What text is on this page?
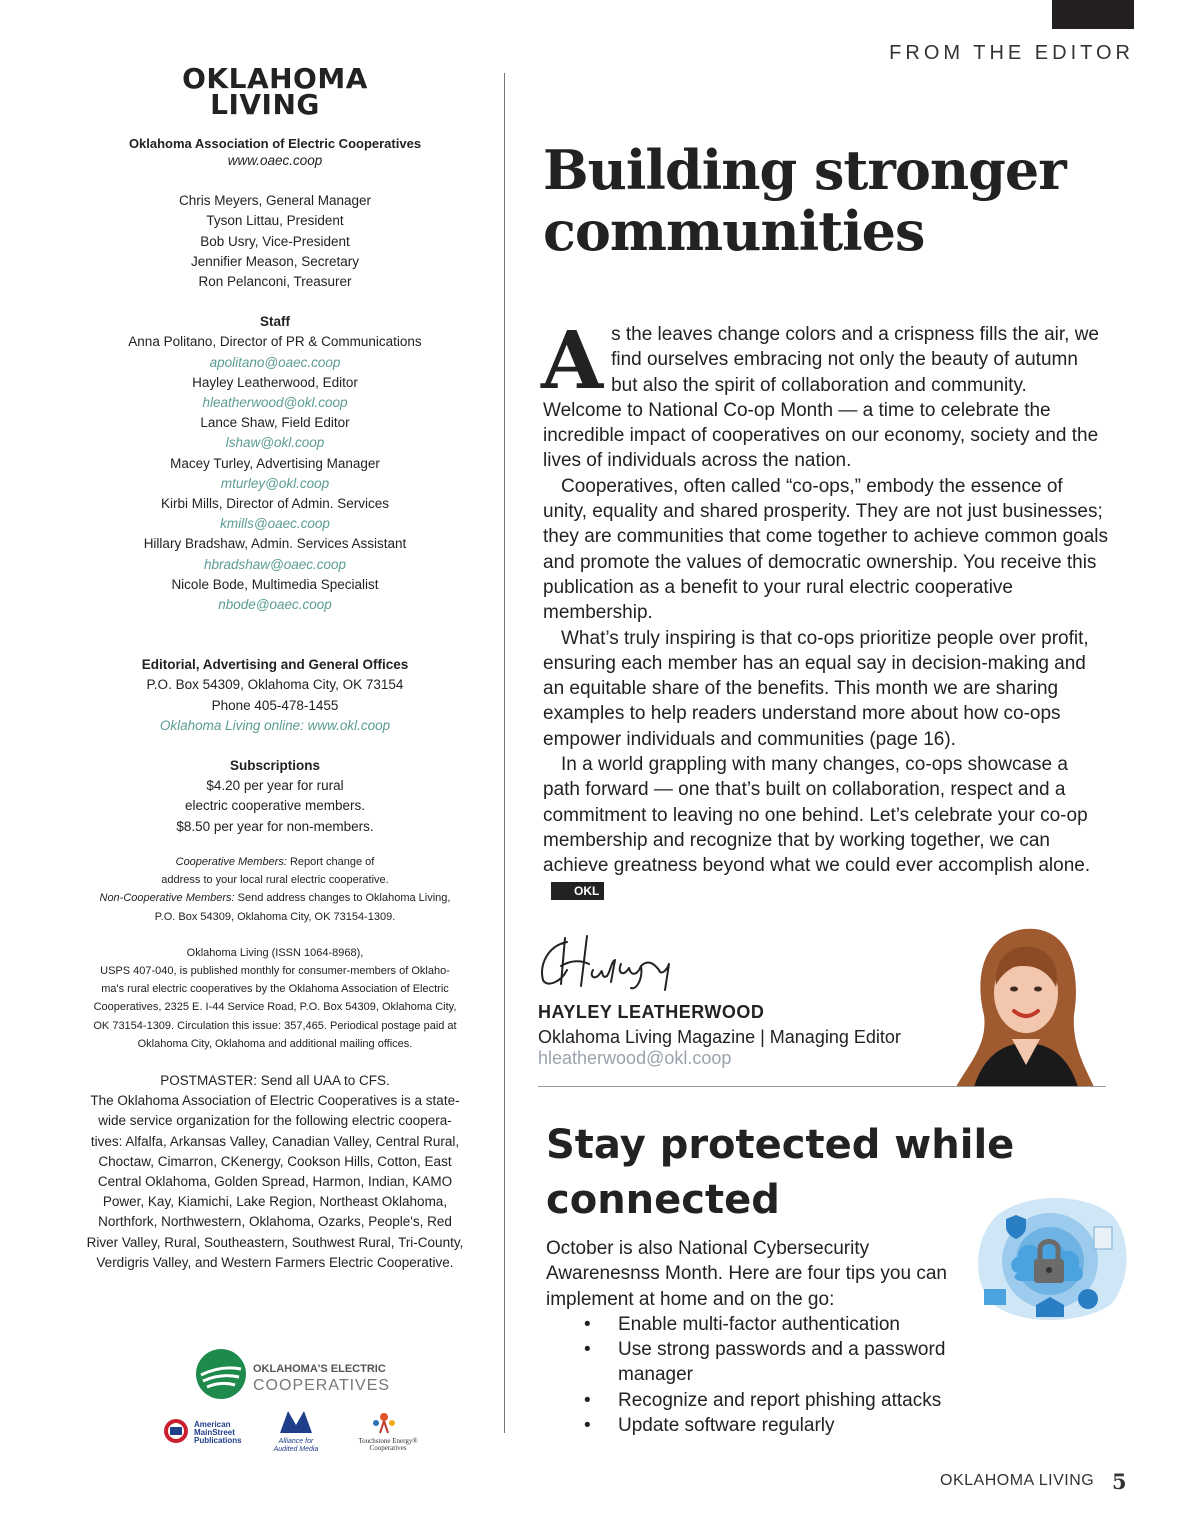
FROM THE EDITOR
OKLAHOMA
LIVING
Oklahoma Association of Electric Cooperatives
www.oaec.coop
Chris Meyers, General Manager
Tyson Littau, President
Bob Usry, Vice-President
Jennifier Meason, Secretary
Ron Pelanconi, Treasurer
Staff
Anna Politano, Director of PR & Communications
apolitano@oaec.coop
Hayley Leatherwood, Editor
hleatherwood@okl.coop
Lance Shaw, Field Editor
lshaw@okl.coop
Macey Turley, Advertising Manager
mturley@okl.coop
Kirbi Mills, Director of Admin. Services
kmills@oaec.coop
Hillary Bradshaw, Admin. Services Assistant
hbradshaw@oaec.coop
Nicole Bode, Multimedia Specialist
nbode@oaec.coop
Editorial, Advertising and General Offices
P.O. Box 54309, Oklahoma City, OK 73154
Phone 405-478-1455
Oklahoma Living online: www.okl.coop
Subscriptions
$4.20 per year for rural
electric cooperative members.
$8.50 per year for non-members.
Cooperative Members: Report change of
address to your local rural electric cooperative.
Non-Cooperative Members: Send address changes to Oklahoma Living,
P.O. Box 54309, Oklahoma City, OK 73154-1309.
Oklahoma Living (ISSN 1064-8968),
USPS 407-040, is published monthly for consumer-members of Oklaho-
ma's rural electric cooperatives by the Oklahoma Association of Electric
Cooperatives, 2325 E. I-44 Service Road, P.O. Box 54309, Oklahoma City,
OK 73154-1309. Circulation this issue: 357,465. Periodical postage paid at
Oklahoma City, Oklahoma and additional mailing offices.
POSTMASTER: Send all UAA to CFS.
The Oklahoma Association of Electric Cooperatives is a state-
wide service organization for the following electric coopera-
tives: Alfalfa, Arkansas Valley, Canadian Valley, Central Rural,
Choctaw, Cimarron, CKenergy, Cookson Hills, Cotton, East
Central Oklahoma, Golden Spread, Harmon, Indian, KAMO
Power, Kay, Kiamichi, Lake Region, Northeast Oklahoma,
Northfork, Northwestern, Oklahoma, Ozarks, People's, Red
River Valley, Rural, Southeastern, Southwest Rural, Tri-County,
Verdigris Valley, and Western Farmers Electric Cooperative.
OKLAHOMA'S ELECTRIC
COOPERATIVES
American
MainStreet
Publications	Alliance for
Audited Media
Touchstone Energy®
Cooperatives
Building stronger
communities

As the leaves change colors and a crispness fills the air, we find ourselves embracing not only the beauty of autumn but also the spirit of collaboration and community. Welcome to National Co-op Month — a time to celebrate the incredible impact of cooperatives on our economy, society and the lives of individuals across the nation.

Cooperatives, often called “co-ops,” embody the essence of unity, equality and shared prosperity. They are not just businesses; they are communities that come together to achieve common goals and promote the values of democratic ownership. You receive this publication as a benefit to your rural electric cooperative membership.

What’s truly inspiring is that co-ops prioritize people over profit, ensuring each member has an equal say in decision-making and an equitable share of the benefits. This month we are sharing examples to help readers understand more about how co-ops empower individuals and communities (page 16).

In a world grappling with many changes, co-ops showcase a path forward — one that’s built on collaboration, respect and a commitment to leaving no one behind. Let’s celebrate your co-op membership and recognize that by working together, we can achieve greatness beyond what we could ever accomplish alone.OKL

HAYLEY LEATHERWOOD
Oklahoma Living Magazine | Managing Editor
hleatherwood@okl.coop
Stay protected while
connected
October is also National Cybersecurity Awarenesnss Month. Here are four tips you can implement at home and on the go:
• Enable multi-factor authentication
• Use strong passwords and a password manager
• Recognize and report phishing attacks
• Update software regularly
OKLAHOMA LIVING 5
